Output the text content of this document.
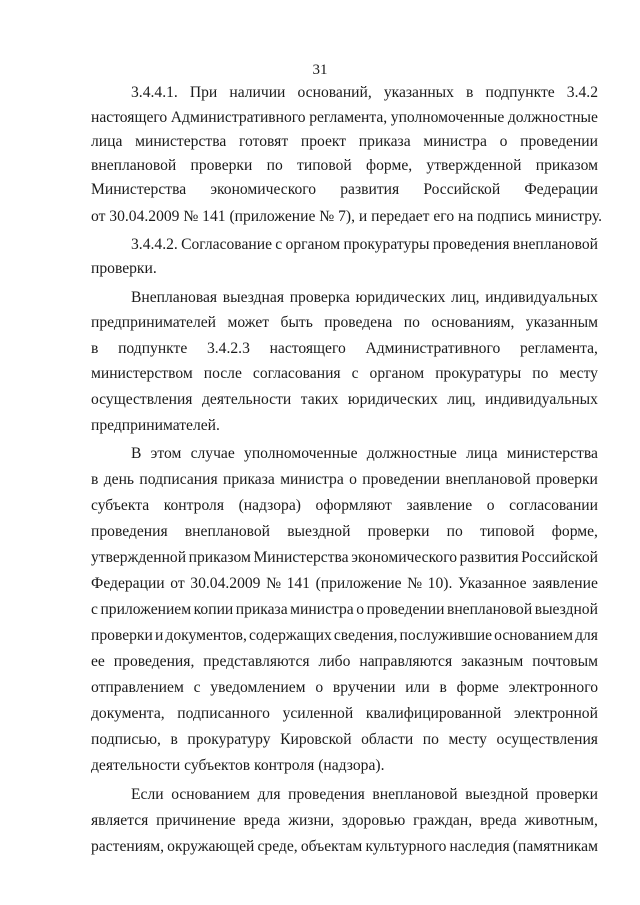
31
3.4.4.1. При наличии оснований, указанных в подпункте 3.4.2
настоящего Административного регламента, уполномоченные должностные
лица министерства готовят проект приказа министра о проведении
внеплановой проверки по типовой форме, утвержденной приказом
Министерства экономического развития Российской Федерации
от 30.04.2009 № 141 (приложение № 7), и передает его на подпись министру.
3.4.4.2. Согласование с органом прокуратуры проведения внеплановой
проверки.
Внеплановая выездная проверка юридических лиц, индивидуальных
предпринимателей может быть проведена по основаниям, указанным
в подпункте 3.4.2.3 настоящего Административного регламента,
министерством после согласования с органом прокуратуры по месту
осуществления деятельности таких юридических лиц, индивидуальных
предпринимателей.
В этом случае уполномоченные должностные лица министерства
в день подписания приказа министра о проведении внеплановой проверки
субъекта контроля (надзора) оформляют заявление о согласовании
проведения внеплановой выездной проверки по типовой форме,
утвержденной приказом Министерства экономического развития Российской
Федерации от 30.04.2009 № 141 (приложение № 10). Указанное заявление
с приложением копии приказа министра о проведении внеплановой выездной
проверки и документов, содержащих сведения, послужившие основанием для
ее проведения, представляются либо направляются заказным почтовым
отправлением с уведомлением о вручении или в форме электронного
документа, подписанного усиленной квалифицированной электронной
подписью, в прокуратуру Кировской области по месту осуществления
деятельности субъектов контроля (надзора).
Если основанием для проведения внеплановой выездной проверки
является причинение вреда жизни, здоровью граждан, вреда животным,
растениям, окружающей среде, объектам культурного наследия (памятникам
